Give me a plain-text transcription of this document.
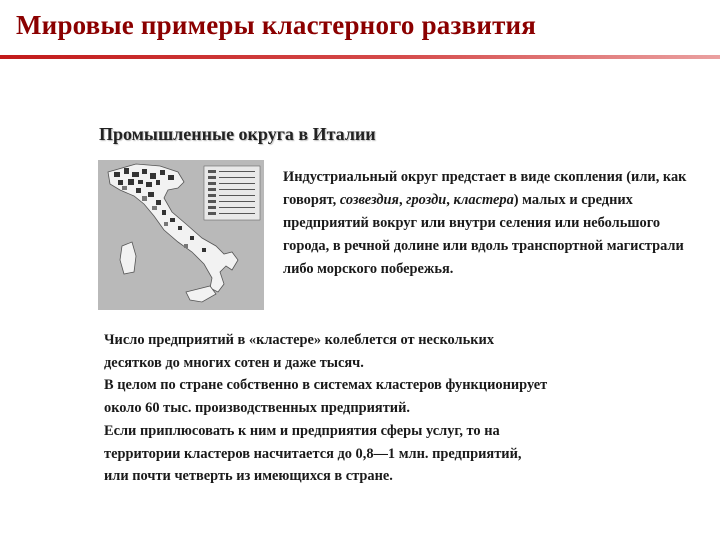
Мировые примеры кластерного развития
Промышленные округа в Италии
Индустриальный округ предстает в виде скопления (или, как говорят, созвездия, грозди, кластера) малых и средних предприятий вокруг или внутри селения или небольшого города, в речной долине или вдоль транспортной магистрали либо морского побережья.
Число предприятий в «кластере» колеблется от нескольких
десятков до многих сотен и даже тысяч.
В целом по стране собственно в системах кластеров функционирует
около 60 тыс. производственных предприятий.
Если приплюсовать к ним и предприятия сферы услуг, то на
территории кластеров насчитается до 0,8—1 млн. предприятий,
или почти четверть из имеющихся в стране.
